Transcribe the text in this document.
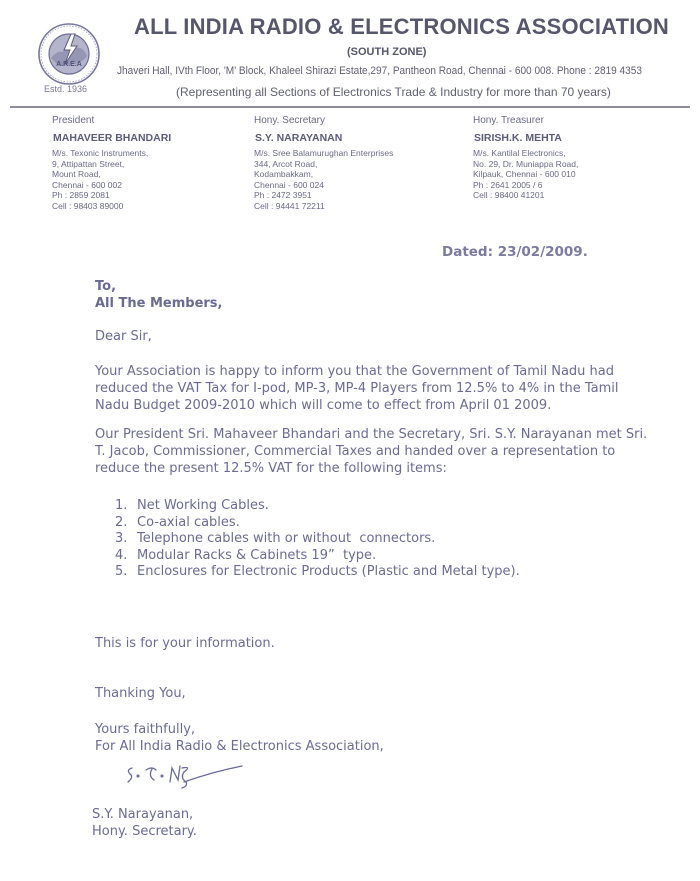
A.R.E.A
Estd. 1936
ALL INDIA RADIO & ELECTRONICS ASSOCIATION
(SOUTH ZONE)
Jhaveri Hall, IVth Floor, 'M' Block, Khaleel Shirazi Estate,297, Pantheon Road, Chennai - 600 008. Phone : 2819 4353
(Representing all Sections of Electronics Trade & Industry for more than 70 years)
President
MAHAVEER BHANDARI
M/s. Texonic Instruments,
9, Attipattan Street,
Mount Road,
Chennai - 600 002
Ph : 2859 2081
Cell : 98403 89000
Hony. Secretary
S.Y. NARAYANAN
M/s. Sree Balamurughan Enterprises
344, Arcot Road,
Kodambakkam,
Chennai - 600 024
Ph : 2472 3951
Cell : 94441 72211
Hony. Treasurer
SIRISH.K. MEHTA
M/s. Kantilal Electronics,
No. 29, Dr. Muniappa Road,
Kilpauk, Chennai - 600 010
Ph : 2641 2005 / 6
Cell : 98400 41201
Dated: 23/02/2009.
To,
All The Members,
Dear Sir,
Your Association is happy to inform you that the Government of Tamil Nadu had reduced the VAT Tax for I-pod, MP-3, MP-4 Players from 12.5% to 4% in the Tamil Nadu Budget 2009-2010 which will come to effect from April 01 2009.
Our President Sri. Mahaveer Bhandari and the Secretary, Sri. S.Y. Narayanan met Sri. T. Jacob, Commissioner, Commercial Taxes and handed over a representation to reduce the present 12.5% VAT for the following items:
1. Net Working Cables.
2. Co-axial cables.
3. Telephone cables with or without  connectors.
4. Modular Racks & Cabinets 19”  type.
5. Enclosures for Electronic Products (Plastic and Metal type).
This is for your information.
Thanking You,
Yours faithfully,
For All India Radio & Electronics Association,
S.Y. Narayanan,
Hony. Secretary.
